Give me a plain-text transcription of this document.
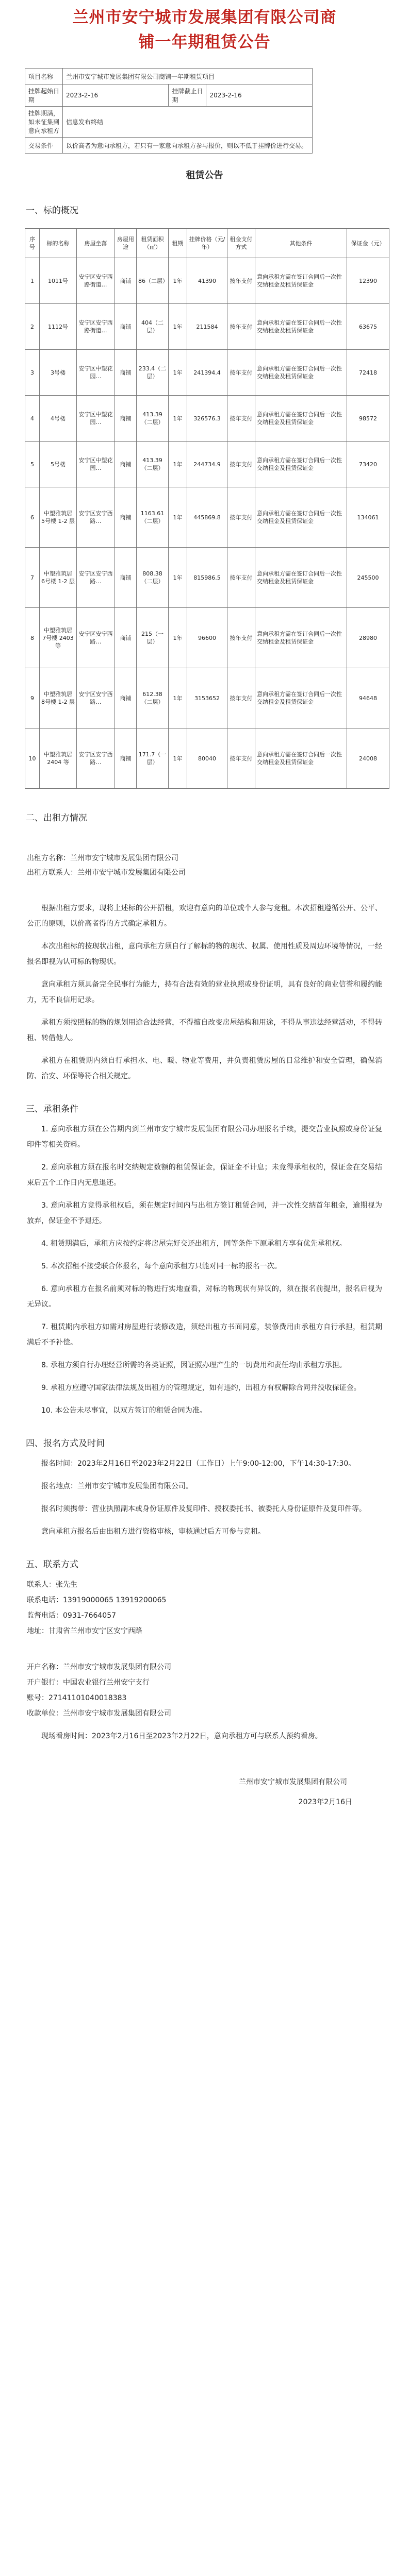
兰州市安宁城市发展集团有限公司商铺一年期租赁公告
项目名称	兰州市安宁城市发展集团有限公司商铺一年期租赁项目		
挂牌起始日期	2023-2-16	挂牌截止日期	2023-2-16
挂牌期满，如未征集到意向承租方	信息发布终结		
交易条件	以价高者为意向承租方，若只有一家意向承租方参与报价，则以不低于挂牌价进行交易。		
租赁公告
一、标的概况
序号	标的名称	房屋坐落	房屋用途	租赁面积（㎡）	租期	挂牌价格（元/年）	租金支付方式	其他条件	保证金（元）
1	1011号	安宁区安宁西路街道…	商铺	86（二层）	1年	41390	按年支付	意向承租方需在签订合同后一次性交纳租金及租赁保证金	12390
2	1112号	安宁区安宁西路街道…	商铺	404（二层）	1年	211584	按年支付	意向承租方需在签订合同后一次性交纳租金及租赁保证金	63675
3	3号楼	安宁区中塑花园…	商铺	233.4（二层）	1年	241394.4	按年支付	意向承租方需在签订合同后一次性交纳租金及租赁保证金	72418
4	4号楼	安宁区中塑花园…	商铺	413.39（二层）	1年	326576.3	按年支付	意向承租方需在签订合同后一次性交纳租金及租赁保证金	98572
5	5号楼	安宁区中塑花园…	商铺	413.39（二层）	1年	244734.9	按年支付	意向承租方需在签订合同后一次性交纳租金及租赁保证金	73420
6	中塑雅筑居 5号楼 1-2 层	安宁区安宁西路…	商铺	1163.61（二层）	1年	445869.8	按年支付	意向承租方需在签订合同后一次性交纳租金及租赁保证金	134061
7	中塑雅筑居 6号楼 1-2 层	安宁区安宁西路…	商铺	808.38（二层）	1年	815986.5	按年支付	意向承租方需在签订合同后一次性交纳租金及租赁保证金	245500
8	中塑雅筑居 7号楼 2403 等	安宁区安宁西路…	商铺	215（一层）	1年	96600	按年支付	意向承租方需在签订合同后一次性交纳租金及租赁保证金	28980
9	中塑雅筑居 8号楼 1-2 层	安宁区安宁西路…	商铺	612.38（二层）	1年	3153652	按年支付	意向承租方需在签订合同后一次性交纳租金及租赁保证金	94648
10	中塑雅筑居 2404 等	安宁区安宁西路…	商铺	171.7（一层）	1年	80040	按年支付	意向承租方需在签订合同后一次性交纳租金及租赁保证金	24008
二、出租方情况
出租方名称：兰州市安宁城市发展集团有限公司
出租方联系人：兰州市安宁城市发展集团有限公司
根据出租方要求，现将上述标的公开招租，欢迎有意向的单位或个人参与竞租。本次招租遵循公开、公平、公正的原则，以价高者得的方式确定承租方。
本次出租标的按现状出租，意向承租方须自行了解标的物的现状、权属、使用性质及周边环境等情况，一经报名即视为认可标的物现状。
意向承租方须具备完全民事行为能力，持有合法有效的营业执照或身份证明，具有良好的商业信誉和履约能力，无不良信用记录。
承租方须按照标的物的规划用途合法经营，不得擅自改变房屋结构和用途，不得从事违法经营活动，不得转租、转借他人。
承租方在租赁期内须自行承担水、电、暖、物业等费用，并负责租赁房屋的日常维护和安全管理，确保消防、治安、环保等符合相关规定。
三、承租条件
1. 意向承租方须在公告期内到兰州市安宁城市发展集团有限公司办理报名手续，提交营业执照或身份证复印件等相关资料。
2. 意向承租方须在报名时交纳规定数额的租赁保证金，保证金不计息；未竞得承租权的，保证金在交易结束后五个工作日内无息退还。
3. 意向承租方竞得承租权后，须在规定时间内与出租方签订租赁合同，并一次性交纳首年租金，逾期视为放弃，保证金不予退还。
4. 租赁期满后，承租方应按约定将房屋完好交还出租方，同等条件下原承租方享有优先承租权。
5. 本次招租不接受联合体报名，每个意向承租方只能对同一标的报名一次。
6. 意向承租方在报名前须对标的物进行实地查看，对标的物现状有异议的，须在报名前提出，报名后视为无异议。
7. 租赁期内承租方如需对房屋进行装修改造，须经出租方书面同意，装修费用由承租方自行承担，租赁期满后不予补偿。
8. 承租方须自行办理经营所需的各类证照，因证照办理产生的一切费用和责任均由承租方承担。
9. 承租方应遵守国家法律法规及出租方的管理规定，如有违约，出租方有权解除合同并没收保证金。
10. 本公告未尽事宜，以双方签订的租赁合同为准。
四、报名方式及时间
报名时间：2023年2月16日至2023年2月22日（工作日）上午9:00-12:00，下午14:30-17:30。
报名地点：兰州市安宁城市发展集团有限公司。
报名时须携带：营业执照副本或身份证原件及复印件、授权委托书、被委托人身份证原件及复印件等。
意向承租方报名后由出租方进行资格审核，审核通过后方可参与竞租。
五、联系方式
联系人：张先生
联系电话：13919000065 13919200065
监督电话：0931-7664057
地址：甘肃省兰州市安宁区安宁西路
开户名称：兰州市安宁城市发展集团有限公司
开户银行：中国农业银行兰州安宁支行
账号：27141101040018383
收款单位：兰州市安宁城市发展集团有限公司
现场看房时间：2023年2月16日至2023年2月22日，意向承租方可与联系人预约看房。
兰州市安宁城市发展集团有限公司
2023年2月16日
